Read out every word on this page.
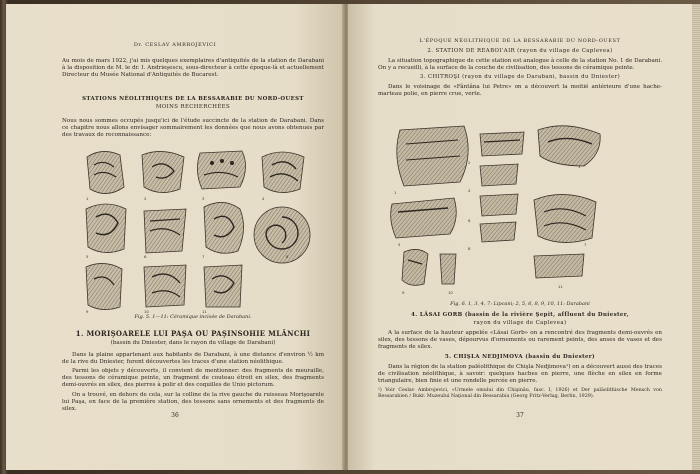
Dr. CESLAV AMBROJEVICI
Au mois de mars 1922, j'ai mis quelques exemplaires d'antiquités de la station de Darabani à la disposition de M. le dr. I. Andrieşescu, sous-directeur à cette époque-là et actuellement Directeur du Musée National d'Antiquités de Bucarest.
STATIONS NÉOLITHIQUES DE LA BESSARABIE DU NORD-OUEST
MOINS RECHERCHÉES
Nous nous sommes occupés jusqu'ici de l'étude succincte de la station de Darabani. Dans ce chapitre nous allons envisager sommairement les données que nous avons obtenues par des travaux de reconnaissance:
1	2	3	4
5	6	7	8
9	10	11
Fig. 5. 1—11: Céramique incisée de Darabani.
1. MORIŞOARELE LUI PAŞA OU PAŞINSOHIE MLĂNCHI
(bassin du Dniester, dans le rayon du village de Darabani)
Dans la plaine appartenant aux habitants de Darabani, à une distance d'environ ½ km de la rive du Dniester, furent découvertes les traces d'une station néolithique.
Parmi les objets y découverts, il convient de mentionner: des fragments de meuraille, des tessons de céramique peinte, un fragment de couteau étroit en silex, des fragments demi-ouvrés en silex, des pierres à polir et des coquilles de Unio pictorum.
On a trouvé, en dehors de cela, sur la colline de la rive gauche du ruisseau Morişoarele lui Paşa, en face de la première station, des tessons sans ornements et des fragments de silex.
36
L'ÉPOQUE NÉOLITHIQUE DE LA BESSARABIE DU NORD-OUEST
2. STATION DE REABOI'AIR (rayon du village de Capleveа)
La situation topographique de cette station est analogue à celle de la station No. 1 de Darabani. On y a recueilli, à la surface de la couche de civilisation, des tessons de céramique peinte.
3. CHITROŞI (rayon du village de Darabani, bassin du Dniester)
Dans le voisinage de «Fântâna lui Petre» on a découvert la moitié antérieure d'une hache-marteau polie, en pierre crue, verte.
1
2
3
4
5
6
7
8
9	10
11
Fig. 6. 1, 3, 4, 7: Lipcani; 2, 5, 6, 8, 9, 10, 11: Darabani
4. LĂSAI GORB (bassin de la rivière Şepit, affluent du Dniester,
rayon du village de Capleveа)
A la surface de la hauteur appelée «Lăsai Gorb» on a rencontré des fragments demi-ouvrés en silex, des tessons de vases, dépourvus d'ornements ou rarement peints, des anses de vases et des fragments de silex.
5. CHIŞLA NEDJIMOVA (bassin du Dniester)
Dans la région de la station paléolithique de Chişla Nedjimova¹) on a découvert aussi des traces de civilisation néolithique, à savoir: quelques haches en pierre, une flèche en silex en forme triangulaire, bien finie et une rondelle percée en pierre.
¹) Voir Ceslav Ambrojevici, «Urmele omului din Chişinău, fasc. I, 1926) et Der paläolithische Mensch von Bessarabien / Bukr. Muzeului Naţional din Bessarabia (Georg Fritz-Verlag, Berlin, 1929).
37
